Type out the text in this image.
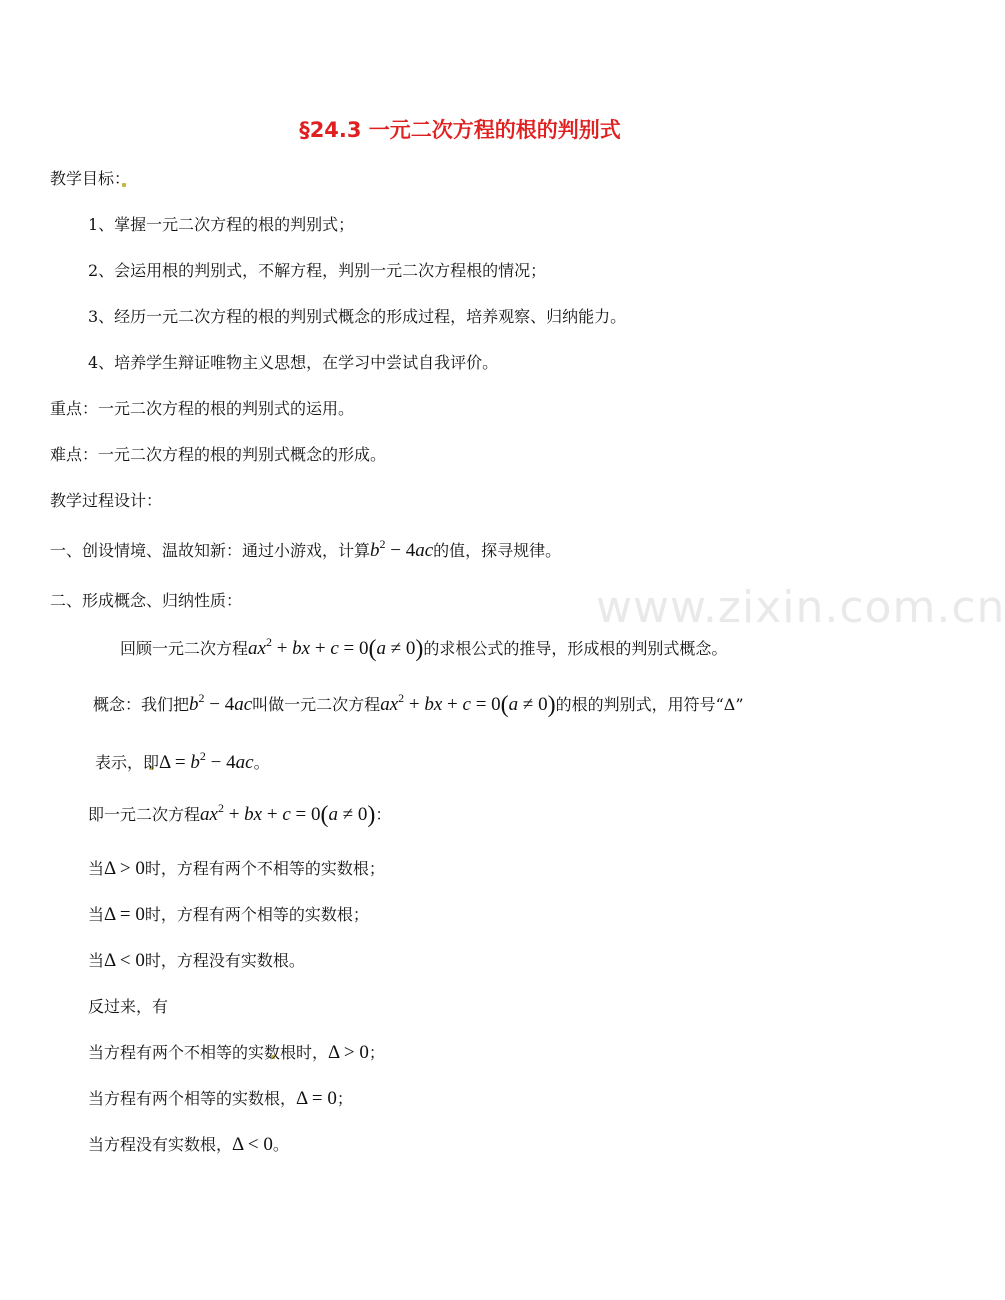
www.zixin.com.cn
§24.3 一元二次方程的根的判别式
教学目标：
1、掌握一元二次方程的根的判别式；
2、会运用根的判别式，不解方程，判别一元二次方程根的情况；
3、经历一元二次方程的根的判别式概念的形成过程，培养观察、归纳能力。
4、培养学生辩证唯物主义思想，在学习中尝试自我评价。
重点：一元二次方程的根的判别式的运用。
难点：一元二次方程的根的判别式概念的形成。
教学过程设计：
一、创设情境、温故知新：通过小游戏，计算$b^2 - 4ac$的值，探寻规律。
二、形成概念、归纳性质：
回顾一元二次方程$ax^2$ + bx + c = 0(a ≠ 0)的求根公式的推导，形成根的判别式概念。
概念：我们把$b^2 - 4ac$叫做一元二次方程$ax^2$ + bx + c = 0(a ≠ 0)的根的判别式，用符号“Δ”
表示，即$\Delta = b^2 - 4ac$。
即一元二次方程$ax^2$ + bx + c = 0(a ≠ 0)：
当Δ > 0时，方程有两个不相等的实数根；
当Δ = 0时，方程有两个相等的实数根；
当Δ < 0时，方程没有实数根。
反过来，有
当方程有两个不相等的实数根时，Δ > 0；
当方程有两个相等的实数根，Δ = 0；
当方程没有实数根，Δ < 0。
